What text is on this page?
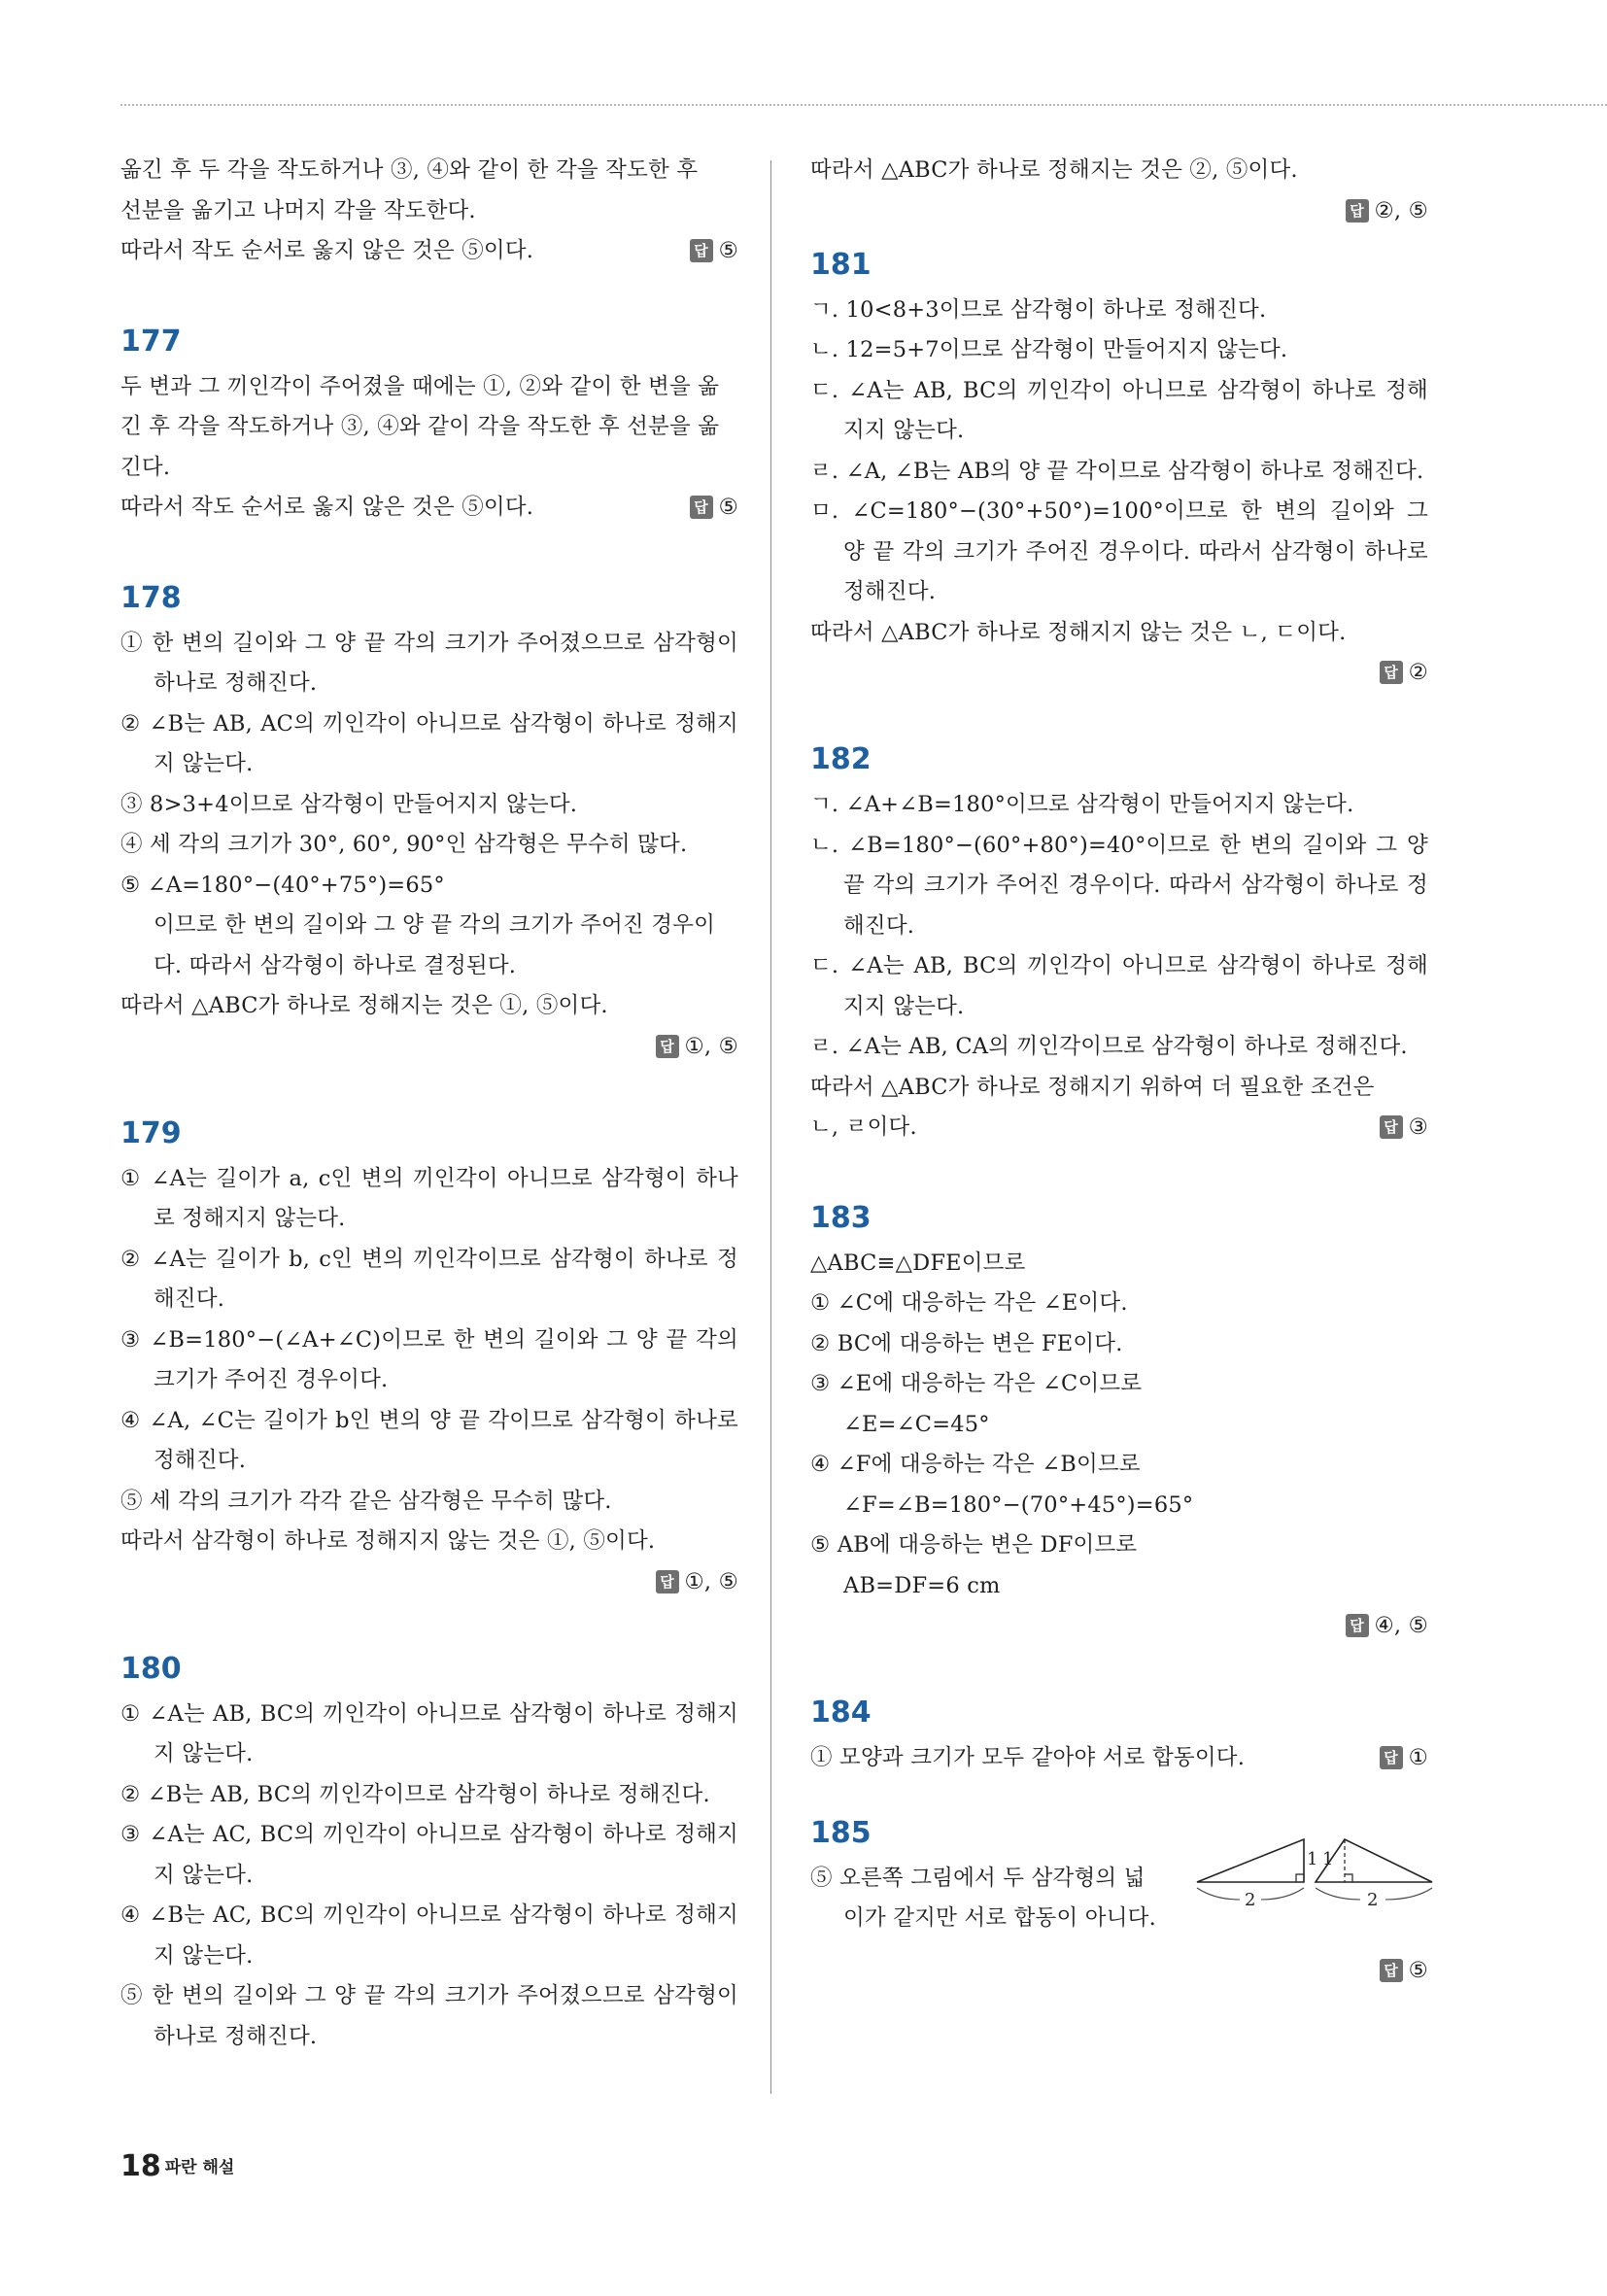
옮긴 후 두 각을 작도하거나 ③, ④와 같이 한 각을 작도한 후
선분을 옮기고 나머지 각을 작도한다.
따라서 작도 순서로 옳지 않은 것은 ⑤이다.	답 ⑤
177
두 변과 그 끼인각이 주어졌을 때에는 ①, ②와 같이 한 변을 옮
긴 후 각을 작도하거나 ③, ④와 같이 각을 작도한 후 선분을 옮
긴다.
따라서 작도 순서로 옳지 않은 것은 ⑤이다.	답 ⑤
178
① 한 변의 길이와 그 양 끝 각의 크기가 주어졌으므로 삼각형이 하나로 정해진다.
② ∠B는 AB, AC의 끼인각이 아니므로 삼각형이 하나로 정해지지 않는다.
③ 8>3+4이므로 삼각형이 만들어지지 않는다.
④ 세 각의 크기가 30°, 60°, 90°인 삼각형은 무수히 많다.
⑤ ∠A=180°−(40°+75°)=65°
이므로 한 변의 길이와 그 양 끝 각의 크기가 주어진 경우이다. 따라서 삼각형이 하나로 결정된다.
따라서 △ABC가 하나로 정해지는 것은 ①, ⑤이다.
답 ①, ⑤
179
① ∠A는 길이가 a, c인 변의 끼인각이 아니므로 삼각형이 하나로 정해지지 않는다.
② ∠A는 길이가 b, c인 변의 끼인각이므로 삼각형이 하나로 정해진다.
③ ∠B=180°−(∠A+∠C)이므로 한 변의 길이와 그 양 끝 각의 크기가 주어진 경우이다.
④ ∠A, ∠C는 길이가 b인 변의 양 끝 각이므로 삼각형이 하나로 정해진다.
⑤ 세 각의 크기가 각각 같은 삼각형은 무수히 많다.
따라서 삼각형이 하나로 정해지지 않는 것은 ①, ⑤이다.
답 ①, ⑤
180
① ∠A는 AB, BC의 끼인각이 아니므로 삼각형이 하나로 정해지지 않는다.
② ∠B는 AB, BC의 끼인각이므로 삼각형이 하나로 정해진다.
③ ∠A는 AC, BC의 끼인각이 아니므로 삼각형이 하나로 정해지지 않는다.
④ ∠B는 AC, BC의 끼인각이 아니므로 삼각형이 하나로 정해지지 않는다.
⑤ 한 변의 길이와 그 양 끝 각의 크기가 주어졌으므로 삼각형이 하나로 정해진다.
따라서 △ABC가 하나로 정해지는 것은 ②, ⑤이다.
답 ②, ⑤
181
ㄱ. 10<8+3이므로 삼각형이 하나로 정해진다.
ㄴ. 12=5+7이므로 삼각형이 만들어지지 않는다.
ㄷ. ∠A는 AB, BC의 끼인각이 아니므로 삼각형이 하나로 정해지지 않는다.
ㄹ. ∠A, ∠B는 AB의 양 끝 각이므로 삼각형이 하나로 정해진다.
ㅁ. ∠C=180°−(30°+50°)=100°이므로 한 변의 길이와 그 양 끝 각의 크기가 주어진 경우이다. 따라서 삼각형이 하나로 정해진다.
따라서 △ABC가 하나로 정해지지 않는 것은 ㄴ, ㄷ이다.
답 ②
182
ㄱ. ∠A+∠B=180°이므로 삼각형이 만들어지지 않는다.
ㄴ. ∠B=180°−(60°+80°)=40°이므로 한 변의 길이와 그 양 끝 각의 크기가 주어진 경우이다. 따라서 삼각형이 하나로 정해진다.
ㄷ. ∠A는 AB, BC의 끼인각이 아니므로 삼각형이 하나로 정해지지 않는다.
ㄹ. ∠A는 AB, CA의 끼인각이므로 삼각형이 하나로 정해진다.
따라서 △ABC가 하나로 정해지기 위하여 더 필요한 조건은
ㄴ, ㄹ이다.	답 ③
183
△ABC≡△DFE이므로
① ∠C에 대응하는 각은 ∠E이다.
② BC에 대응하는 변은 FE이다.
③ ∠E에 대응하는 각은 ∠C이므로
∠E=∠C=45°
④ ∠F에 대응하는 각은 ∠B이므로
∠F=∠B=180°−(70°+45°)=65°
⑤ AB에 대응하는 변은 DF이므로
AB=DF=6 cm
답 ④, ⑤
184
① 모양과 크기가 모두 같아야 서로 합동이다.	답 ①
185
⑤ 오른쪽 그림에서 두 삼각형의 넓
이가 같지만 서로 합동이 아니다.
1 1
2	2
답 ⑤
18 파란 해설
